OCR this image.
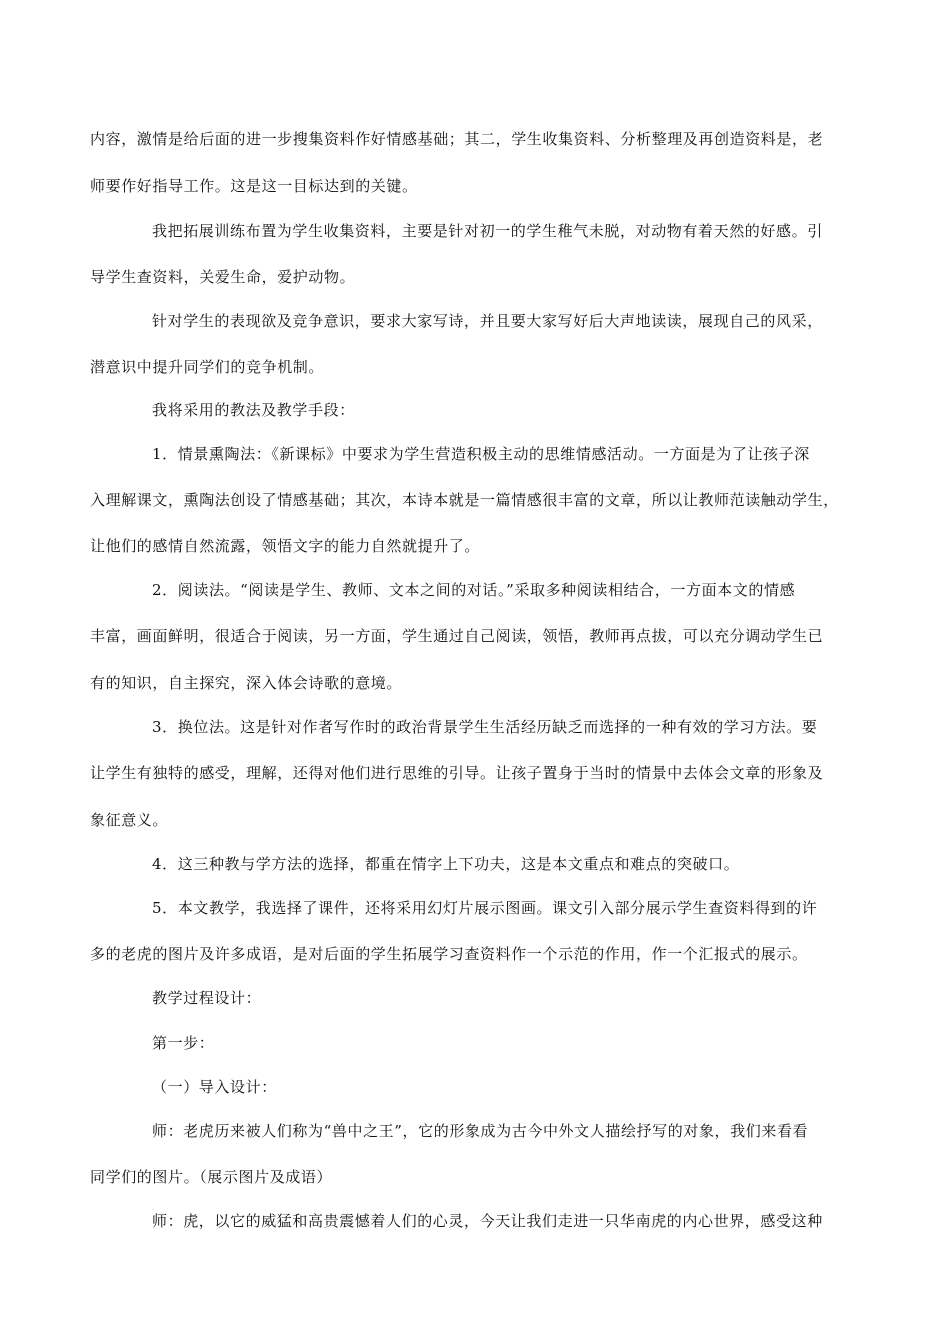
内容，激情是给后面的进一步搜集资料作好情感基础；其二，学生收集资料、分析整理及再创造资料是，老
师要作好指导工作。这是这一目标达到的关键。
我把拓展训练布置为学生收集资料，主要是针对初一的学生稚气未脱，对动物有着天然的好感。引
导学生查资料，关爱生命，爱护动物。
针对学生的表现欲及竞争意识，要求大家写诗，并且要大家写好后大声地读读，展现自己的风采，
潜意识中提升同学们的竞争机制。
我将采用的教法及教学手段：
1．情景熏陶法：《新课标》中要求为学生营造积极主动的思维情感活动。一方面是为了让孩子深
入理解课文，熏陶法创设了情感基础；其次，本诗本就是一篇情感很丰富的文章，所以让教师范读触动学生，
让他们的感情自然流露，领悟文字的能力自然就提升了。
2．阅读法。“阅读是学生、教师、文本之间的对话。”采取多种阅读相结合，一方面本文的情感
丰富，画面鲜明，很适合于阅读，另一方面，学生通过自己阅读，领悟，教师再点拔，可以充分调动学生已
有的知识，自主探究，深入体会诗歌的意境。
3．换位法。这是针对作者写作时的政治背景学生生活经历缺乏而选择的一种有效的学习方法。要
让学生有独特的感受，理解，还得对他们进行思维的引导。让孩子置身于当时的情景中去体会文章的形象及
象征意义。
4．这三种教与学方法的选择，都重在情字上下功夫，这是本文重点和难点的突破口。
5．本文教学，我选择了课件，还将采用幻灯片展示图画。课文引入部分展示学生查资料得到的许
多的老虎的图片及许多成语，是对后面的学生拓展学习查资料作一个示范的作用，作一个汇报式的展示。
教学过程设计：
第一步：
（一）导入设计：
师：老虎历来被人们称为“兽中之王”，它的形象成为古今中外文人描绘抒写的对象，我们来看看
同学们的图片。（展示图片及成语）
师：虎，以它的威猛和高贵震憾着人们的心灵，今天让我们走进一只华南虎的内心世界，感受这种
